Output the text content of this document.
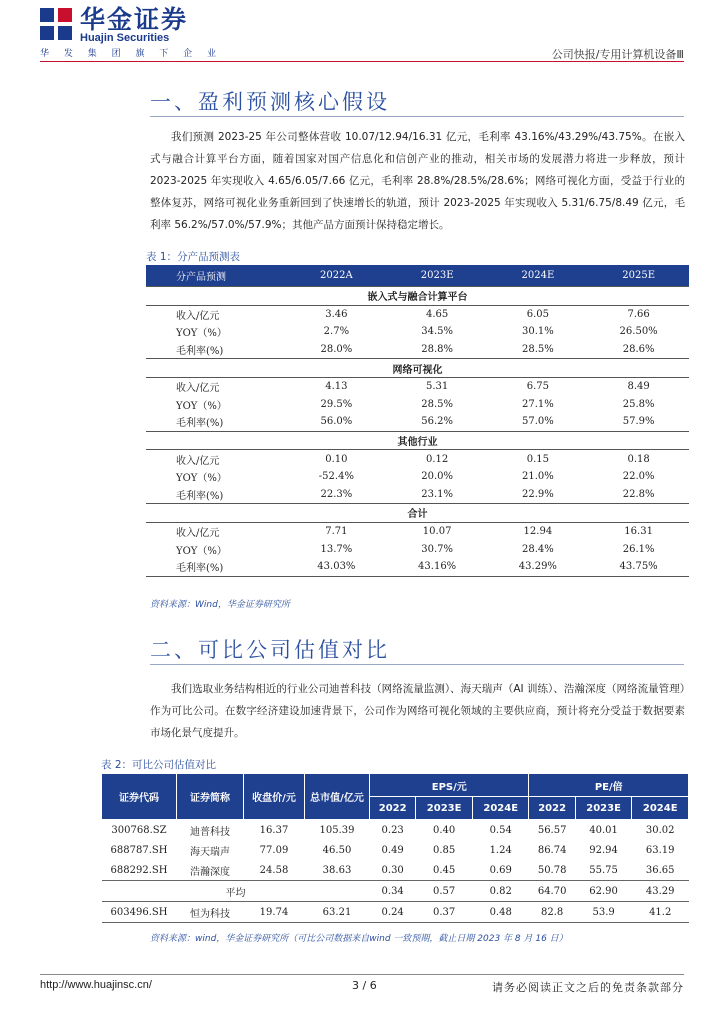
华金证券
Huajin Securities
华 发 集 团 旗 下 企 业	公司快报/专用计算机设备Ⅲ
一、盈利预测核心假设
我们预测 2023-25 年公司整体营收 10.07/12.94/16.31 亿元，毛利率 43.16%/43.29%/43.75%。在嵌入式与融合计算平台方面，随着国家对国产信息化和信创产业的推动，相关市场的发展潜力将进一步释放，预计 2023-2025 年实现收入 4.65/6.05/7.66 亿元，毛利率 28.8%/28.5%/28.6%；网络可视化方面，受益于行业的整体复苏，网络可视化业务重新回到了快速增长的轨道，预计 2023-2025 年实现收入 5.31/6.75/8.49 亿元，毛利率 56.2%/57.0%/57.9%；其他产品方面预计保持稳定增长。
表 1：分产品预测表
分产品预测	2022A	2023E	2024E	2025E
嵌入式与融合计算平台				
收入/亿元	3.46	4.65	6.05	7.66
YOY（%）	2.7%	34.5%	30.1%	26.50%
毛利率(%)	28.0%	28.8%	28.5%	28.6%
网络可视化				
收入/亿元	4.13	5.31	6.75	8.49
YOY（%）	29.5%	28.5%	27.1%	25.8%
毛利率(%)	56.0%	56.2%	57.0%	57.9%
其他行业				
收入/亿元	0.10	0.12	0.15	0.18
YOY（%）	-52.4%	20.0%	21.0%	22.0%
毛利率(%)	22.3%	23.1%	22.9%	22.8%
合计				
收入/亿元	7.71	10.07	12.94	16.31
YOY（%）	13.7%	30.7%	28.4%	26.1%
毛利率(%)	43.03%	43.16%	43.29%	43.75%
资料来源：Wind，华金证券研究所
二、可比公司估值对比
我们选取业务结构相近的行业公司迪普科技（网络流量监测）、海天瑞声（AI 训练）、浩瀚深度（网络流量管理）作为可比公司。在数字经济建设加速背景下，公司作为网络可视化领域的主要供应商，预计将充分受益于数据要素市场化景气度提升。
表 2：可比公司估值对比
证券代码	证券简称	收盘价/元	总市值/亿元	EPS/元			PE/倍		
				2022	2023E	2024E	2022	2023E	2024E
300768.SZ	迪普科技	16.37	105.39	0.23	0.40	0.54	56.57	40.01	30.02
688787.SH	海天瑞声	77.09	46.50	0.49	0.85	1.24	86.74	92.94	63.19
688292.SH	浩瀚深度	24.58	38.63	0.30	0.45	0.69	50.78	55.75	36.65
平均				0.34	0.57	0.82	64.70	62.90	43.29
603496.SH	恒为科技	19.74	63.21	0.24	0.37	0.48	82.8	53.9	41.2
资料来源：wind，华金证券研究所（可比公司数据来自wind 一致预期，截止日期 2023 年 8 月 16 日）
http://www.huajinsc.cn/	3 / 6	请务必阅读正文之后的免责条款部分
